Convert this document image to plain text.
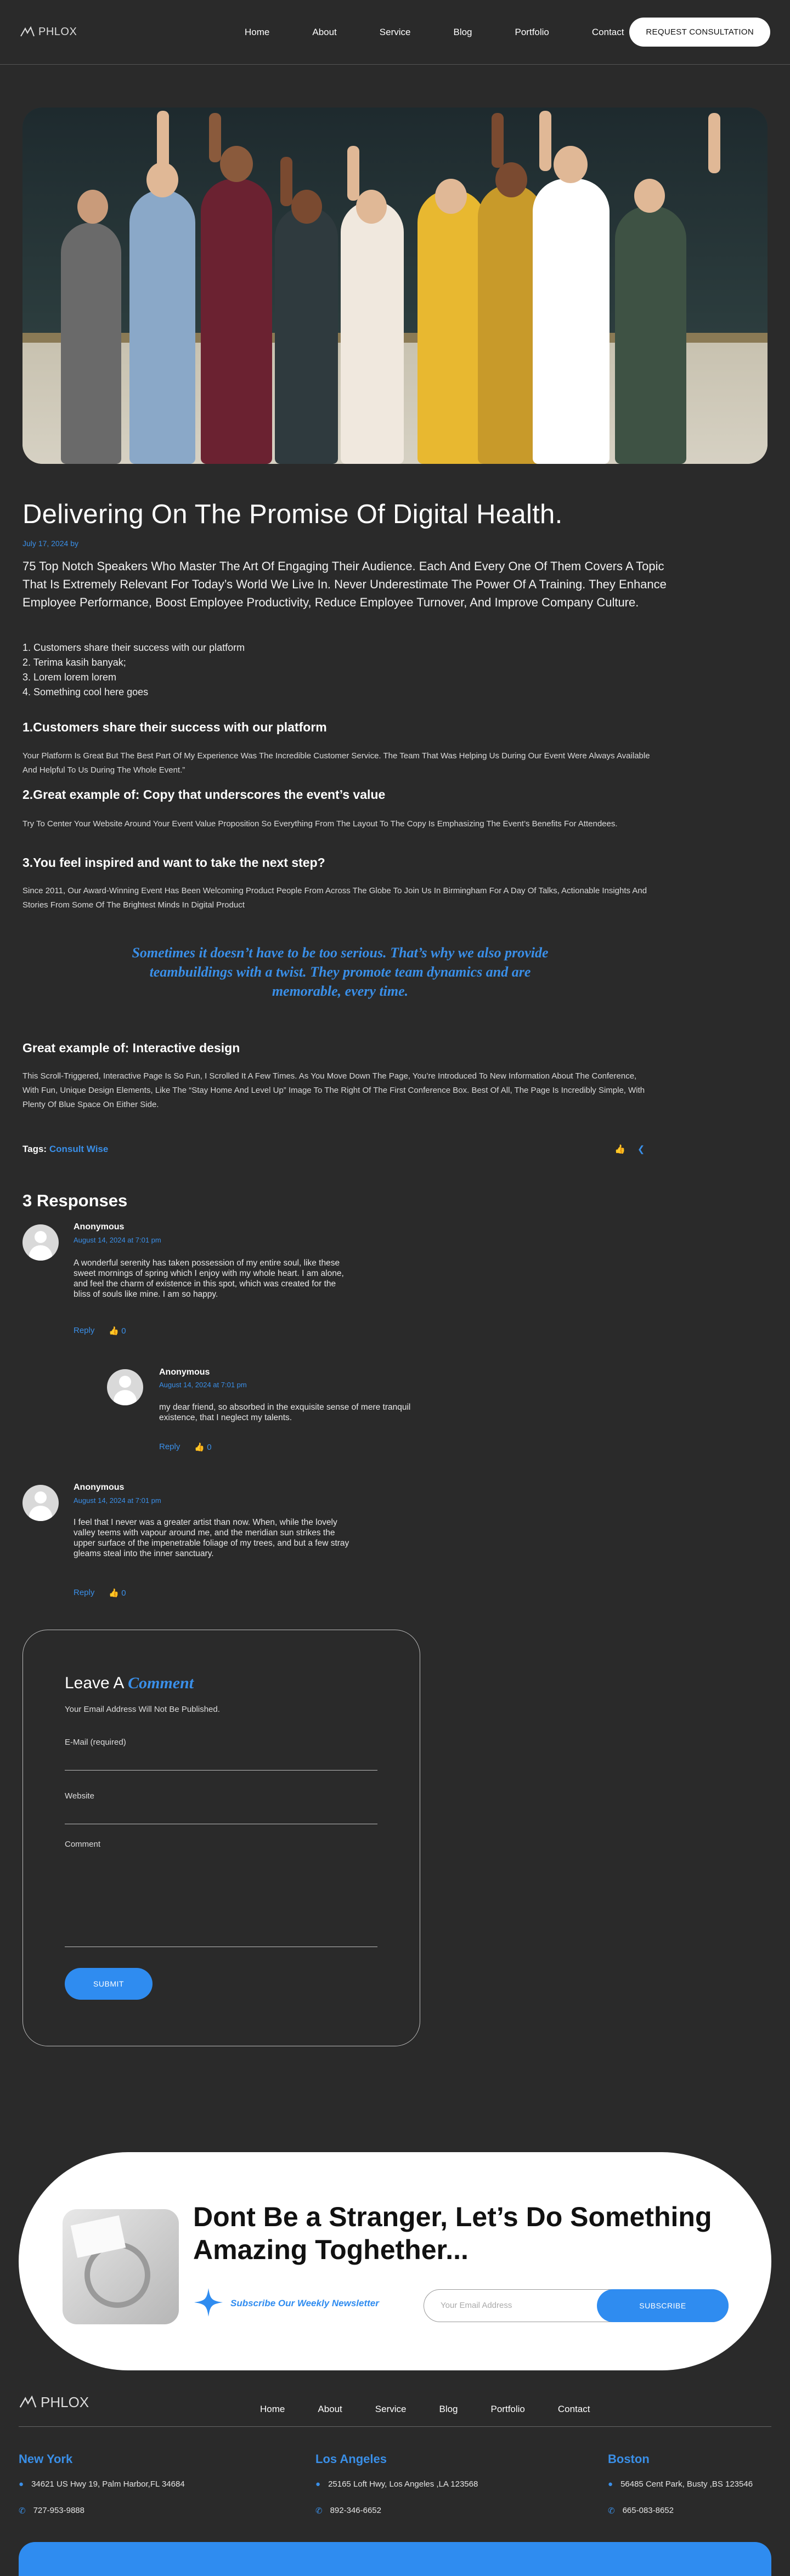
PHLOX	Home	About	Service	Blog	Portfolio	Contact	REQUEST CONSULTATION
Delivering On The Promise Of Digital Health.
July 17, 2024 by

75 Top Notch Speakers Who Master The Art Of Engaging Their Audience. Each And Every One Of Them Covers A Topic That Is Extremely Relevant For Today’s World We Live In. Never Underestimate The Power Of A Training. They Enhance Employee Performance, Boost Employee Productivity, Reduce Employee Turnover, And Improve Company Culture.

1. Customers share their success with our platform
2. Terima kasih banyak;
3. Lorem lorem lorem
4. Something cool here goes
1.Customers share their success with our platform

Your Platform Is Great But The Best Part Of My Experience Was The Incredible Customer Service. The Team That Was Helping Us During Our Event Were Always Available And Helpful To Us During The Whole Event.”

2.Great example of: Copy that underscores the event’s value

Try To Center Your Website Around Your Event Value Proposition So Everything From The Layout To The Copy Is Emphasizing The Event’s Benefits For Attendees.

3.You feel inspired and want to take the next step?

Since 2011, Our Award-Winning Event Has Been Welcoming Product People From Across The Globe To Join Us In Birmingham For A Day Of Talks, Actionable Insights And Stories From Some Of The Brightest Minds In Digital Product

Sometimes it doesn’t have to be too serious. That’s why we also provide teambuildings with a twist. They promote team dynamics and are memorable, every time.
Great example of: Interactive design

This Scroll-Triggered, Interactive Page Is So Fun, I Scrolled It A Few Times. As You Move Down The Page, You’re Introduced To New Information About The Conference, With Fun, Unique Design Elements, Like The “Stay Home And Level Up” Image To The Right Of The First Conference Box. Best Of All, The Page Is Incredibly Simple, With Plenty Of Blue Space On Either Side.

Tags: Consult Wise	👍 ❮
3 Responses
Anonymous
August 14, 2024 at 7:01 pm
A wonderful serenity has taken possession of my entire soul, like these sweet mornings of spring which I enjoy with my whole heart. I am alone, and feel the charm of existence in this spot, which was created for the bliss of souls like mine. I am so happy.
Reply 👍 0
Anonymous
August 14, 2024 at 7:01 pm
my dear friend, so absorbed in the exquisite sense of mere tranquil existence, that I neglect my talents.
Reply 👍 0
Anonymous
August 14, 2024 at 7:01 pm
I feel that I never was a greater artist than now. When, while the lovely valley teems with vapour around me, and the meridian sun strikes the upper surface of the impenetrable foliage of my trees, and but a few stray gleams steal into the inner sanctuary.
Reply 👍 0
Leave A Comment
Your Email Address Will Not Be Published.
E-Mail (required)
Website
Comment
SUBMIT
Dont Be a Stranger, Let’s Do Something Amazing Toghether...
Subscribe Our Weekly Newsletter	Your Email Address	SUBSCRIBE
PHLOX	Home	About	Service	Blog	Portfolio	Contact
New York
● 34621 US Hwy 19, Palm Harbor,FL 34684
✆ 727-953-9888
Los Angeles
● 25165 Loft Hwy, Los Angeles ,LA 123568
✆ 892-346-6652
Boston
● 56485 Cent Park, Busty ,BS 123546
✆ 665-083-8652
